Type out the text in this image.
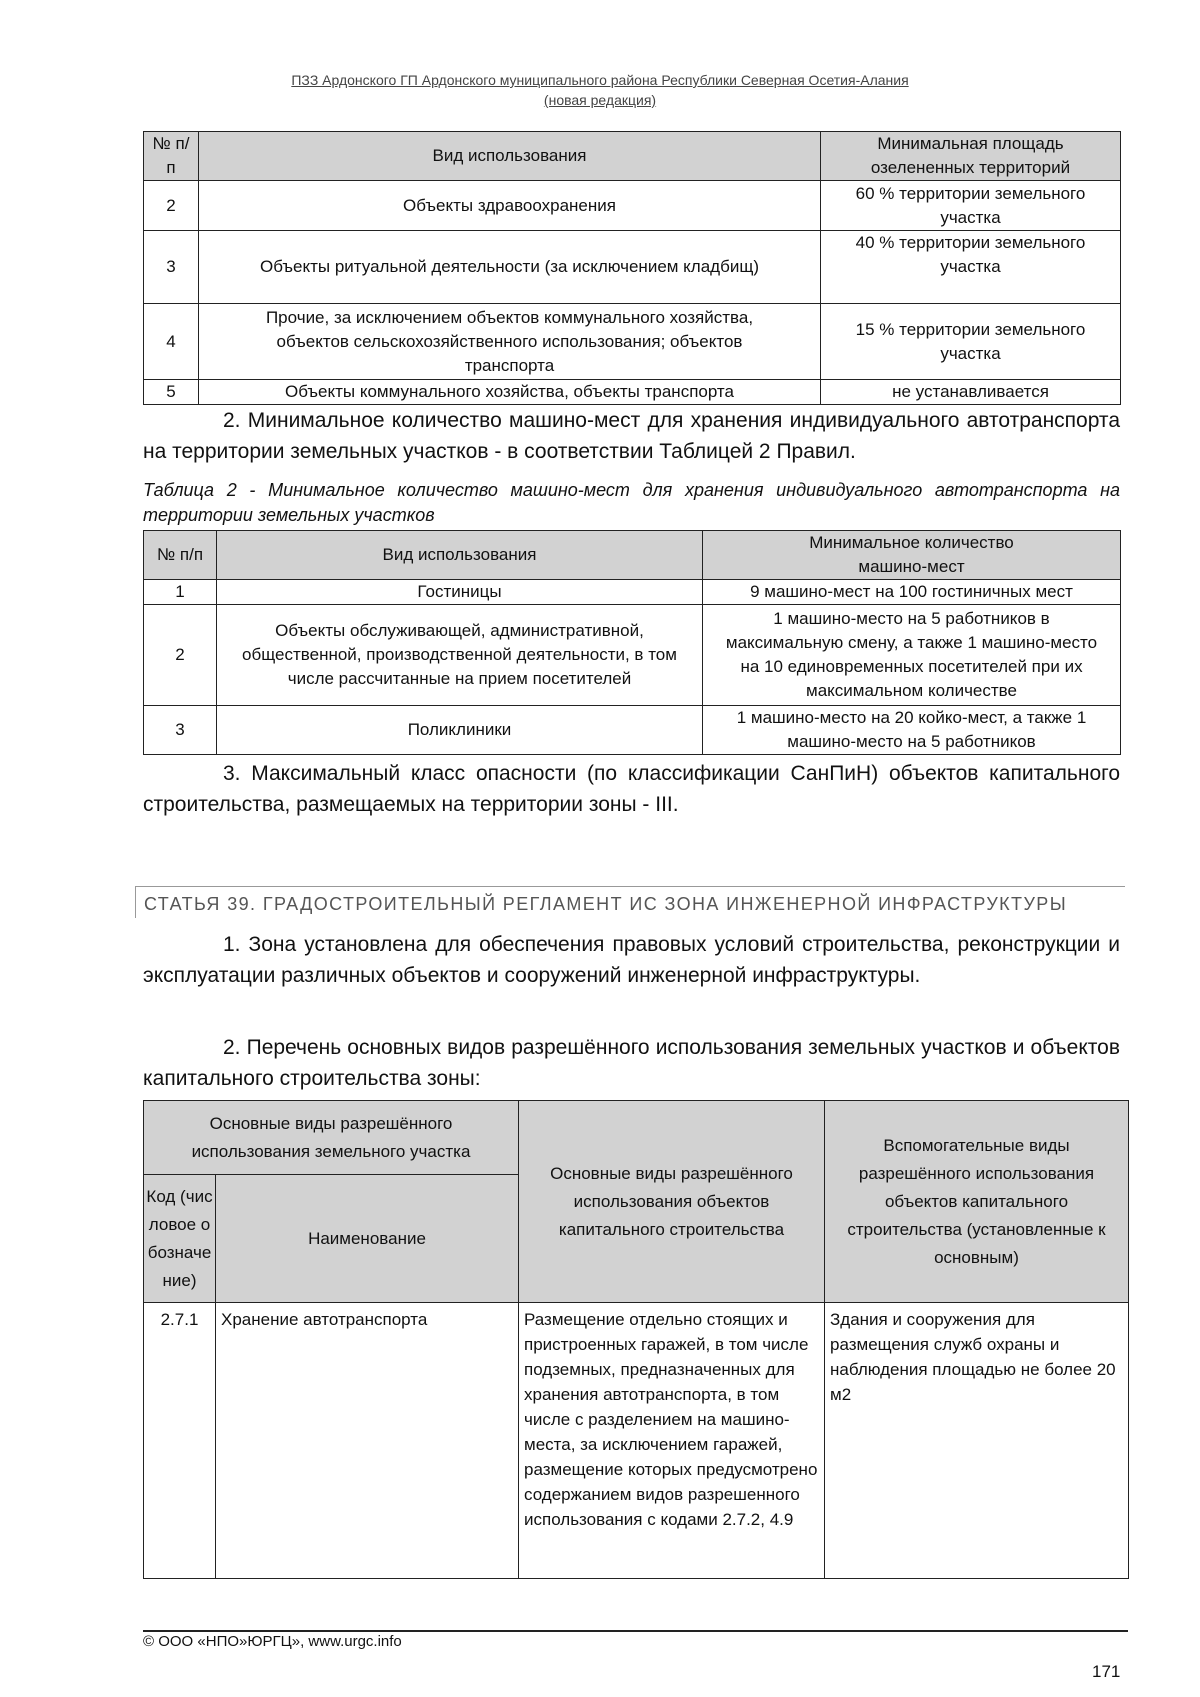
ПЗЗ Ардонского ГП Ардонского муниципального района Республики Северная Осетия-Алания
(новая редакция)
№ п/п	Вид использования	Минимальная площадь озелененных территорий
2	Объекты здравоохранения	60 % территории земельного участка
3	Объекты ритуальной деятельности (за исключением кладбищ)	40 % территории земельного участка
4	Прочие, за исключением объектов коммунального хозяйства, объектов сельскохозяйственного использования; объектов транспорта	15 % территории земельного участка
5	Объекты коммунального хозяйства, объекты транспорта	не устанавливается
2. Минимальное количество машино-мест для хранения индивидуального автотранспорта на территории земельных участков - в соответствии Таблицей 2 Правил.
Таблица 2 - Минимальное количество машино-мест для хранения индивидуального автотранспорта на территории земельных участков
№ п/п	Вид использования	Минимальное количество машино-мест
1	Гостиницы	9 машино-мест на 100 гостиничных мест
2	Объекты обслуживающей, административной, общественной, производственной деятельности, в том числе рассчитанные на прием посетителей	1 машино-место на 5 работников в максимальную смену, а также 1 машино-место на 10 единовременных посетителей при их максимальном количестве
3	Поликлиники	1 машино-место на 20 койко-мест, а также 1 машино-место на 5 работников
3. Максимальный класс опасности (по классификации СанПиН) объектов капитального строительства, размещаемых на территории зоны - III.
СТАТЬЯ 39. ГРАДОСТРОИТЕЛЬНЫЙ РЕГЛАМЕНТ ИС ЗОНА ИНЖЕНЕРНОЙ ИНФРАСТРУКТУРЫ
1. Зона установлена для обеспечения правовых условий строительства, реконструкции и эксплуатации различных объектов и сооружений инженерной инфраструктуры.
2. Перечень основных видов разрешённого использования земельных участков и объектов капитального строительства зоны:
Основные виды разрешённого использования земельного участка		Основные виды разрешённого использования объектов капитального строительства	Вспомогательные виды разрешённого использования объектов капитального строительства (установленные к основным)
Код (числовое обозначение)	Наименование		
2.7.1	Хранение автотранспорта	Размещение отдельно стоящих и пристроенных гаражей, в том числе подземных, предназначенных для хранения автотранспорта, в том числе с разделением на машино-места, за исключением гаражей, размещение которых предусмотрено содержанием видов разрешенного использования с кодами 2.7.2, 4.9	Здания и сооружения для размещения служб охраны и наблюдения площадью не более 20 м2
© ООО «НПО»ЮРГЦ», www.urgc.info
171
